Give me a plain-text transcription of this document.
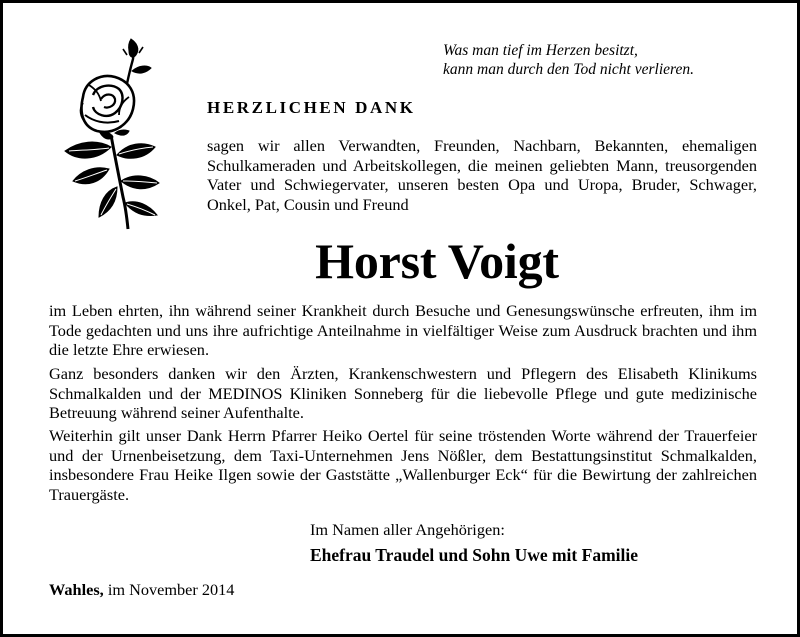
Was man tief im Herzen besitzt,
kann man durch den Tod nicht verlieren.
HERZLICHEN DANK
sagen wir allen Verwandten, Freunden, Nachbarn, Bekannten, ehemaligen Schulkameraden und Arbeitskollegen, die meinen geliebten Mann, treusorgenden Vater und Schwiegervater, unseren besten Opa und Uropa, Bruder, Schwager, Onkel, Pat, Cousin und Freund
Horst Voigt
im Leben ehrten, ihn während seiner Krankheit durch Besuche und Genesungswünsche erfreuten, ihm im Tode gedachten und uns ihre aufrichtige Anteilnahme in vielfältiger Weise zum Ausdruck brachten und ihm die letzte Ehre erwiesen.
Ganz besonders danken wir den Ärzten, Krankenschwestern und Pflegern des Elisabeth Klinikums Schmalkalden und der MEDINOS Kliniken Sonneberg für die liebevolle Pflege und gute medizinische Betreuung während seiner Aufenthalte.
Weiterhin gilt unser Dank Herrn Pfarrer Heiko Oertel für seine tröstenden Worte während der Trauerfeier und der Urnenbeisetzung, dem Taxi-Unternehmen Jens Nößler, dem Bestattungsinstitut Schmalkalden, insbesondere Frau Heike Ilgen sowie der Gaststätte „Wallenburger Eck“ für die Bewirtung der zahlreichen Trauergäste.
Im Namen aller Angehörigen:
Ehefrau Traudel und Sohn Uwe mit Familie
Wahles, im November 2014
